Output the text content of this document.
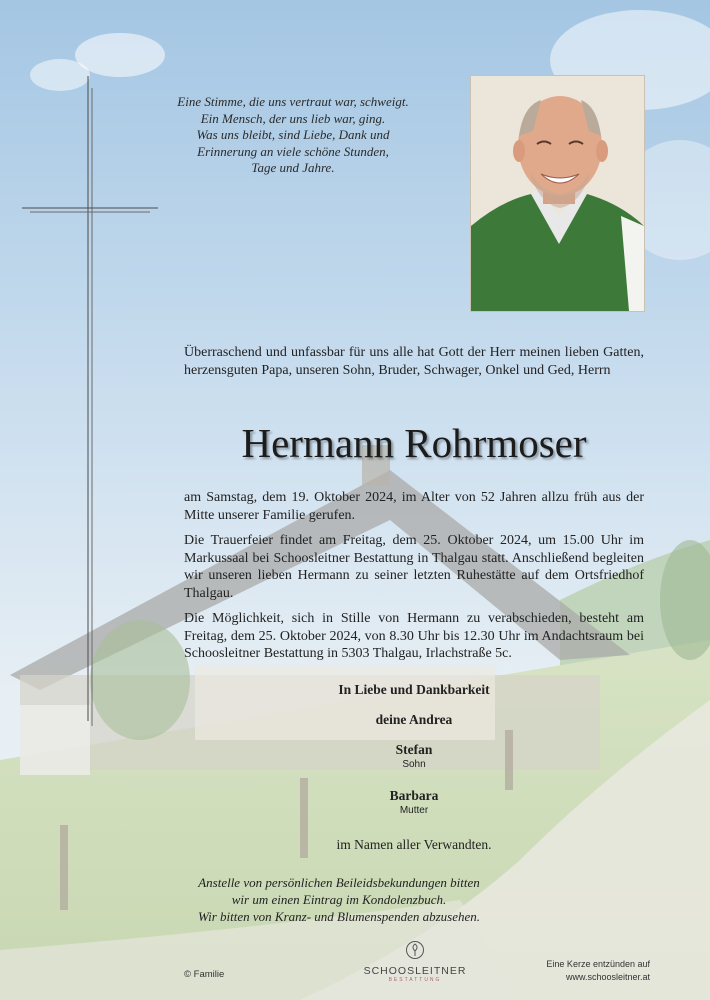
Eine Stimme, die uns vertraut war, schweigt.
Ein Mensch, der uns lieb war, ging.
Was uns bleibt, sind Liebe, Dank und
Erinnerung an viele schöne Stunden,
Tage und Jahre.
Überraschend und unfassbar für uns alle hat Gott der Herr meinen lieben Gatten, herzensguten Papa, unseren Sohn, Bruder, Schwager, Onkel und Ged, Herrn
Hermann Rohrmoser
am Samstag, dem 19. Oktober 2024, im Alter von 52 Jahren allzu früh aus der Mitte unserer Familie gerufen.
Die Trauerfeier findet am Freitag, dem 25. Oktober 2024, um 15.00 Uhr im Markussaal bei Schoosleitner Bestattung in Thalgau statt. Anschließend begleiten wir unseren lieben Hermann zu seiner letzten Ruhestätte auf dem Ortsfriedhof Thalgau.
Die Möglichkeit, sich in Stille von Hermann zu verabschieden, besteht am Freitag, dem 25. Oktober 2024, von 8.30 Uhr bis 12.30 Uhr im Andachtsraum bei Schoosleitner Bestattung in 5303 Thalgau, Irlachstraße 5c.
In Liebe und Dankbarkeit
deine Andrea
Stefan
Sohn
Barbara
Mutter
im Namen aller Verwandten.
Anstelle von persönlichen Beileidsbekundungen bitten
wir um einen Eintrag im Kondolenzbuch.
Wir bitten von Kranz- und Blumenspenden abzusehen.
© Familie	SCHOOSLEITNER
BESTATTUNG
Eine Kerze entzünden auf
www.schoosleitner.at
